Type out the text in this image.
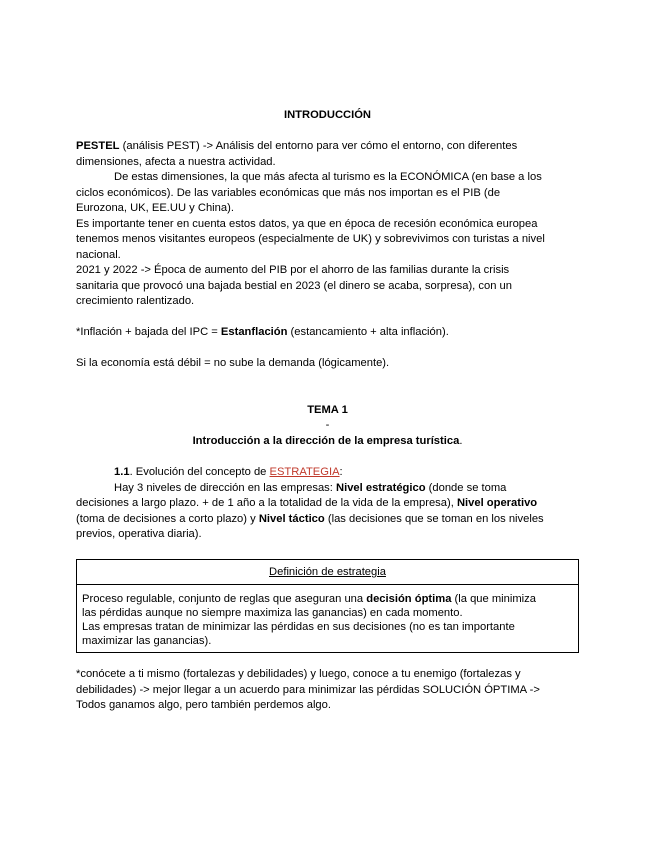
INTRODUCCIÓN
PESTEL (análisis PEST) -> Análisis del entorno para ver cómo el entorno, con diferentes
dimensiones, afecta a nuestra actividad.
De estas dimensiones, la que más afecta al turismo es la ECONÓMICA (en base a los
ciclos económicos). De las variables económicas que más nos importan es el PIB (de
Eurozona, UK, EE.UU y China).
Es importante tener en cuenta estos datos, ya que en época de recesión económica europea
tenemos menos visitantes europeos (especialmente de UK) y sobrevivimos con turistas a nivel
nacional.
2021 y 2022 -> Época de aumento del PIB por el ahorro de las familias durante la crisis
sanitaria que provocó una bajada bestial en 2023 (el dinero se acaba, sorpresa), con un
crecimiento ralentizado.
*Inflación + bajada del IPC = Estanflación (estancamiento + alta inflación).
Si la economía está débil = no sube la demanda (lógicamente).
TEMA 1
-
Introducción a la dirección de la empresa turística.
1.1. Evolución del concepto de ESTRATEGIA:
Hay 3 niveles de dirección en las empresas: Nivel estratégico (donde se toma
decisiones a largo plazo. + de 1 año a la totalidad de la vida de la empresa), Nivel operativo
(toma de decisiones a corto plazo) y Nivel táctico (las decisiones que se toman en los niveles
previos, operativa diaria).
Definición de estrategia
Proceso regulable, conjunto de reglas que aseguran una decisión óptima (la que minimiza
las pérdidas aunque no siempre maximiza las ganancias) en cada momento.
Las empresas tratan de minimizar las pérdidas en sus decisiones (no es tan importante
maximizar las ganancias).
*conócete a ti mismo (fortalezas y debilidades) y luego, conoce a tu enemigo (fortalezas y
debilidades) -> mejor llegar a un acuerdo para minimizar las pérdidas SOLUCIÓN ÓPTIMA ->
Todos ganamos algo, pero también perdemos algo.
